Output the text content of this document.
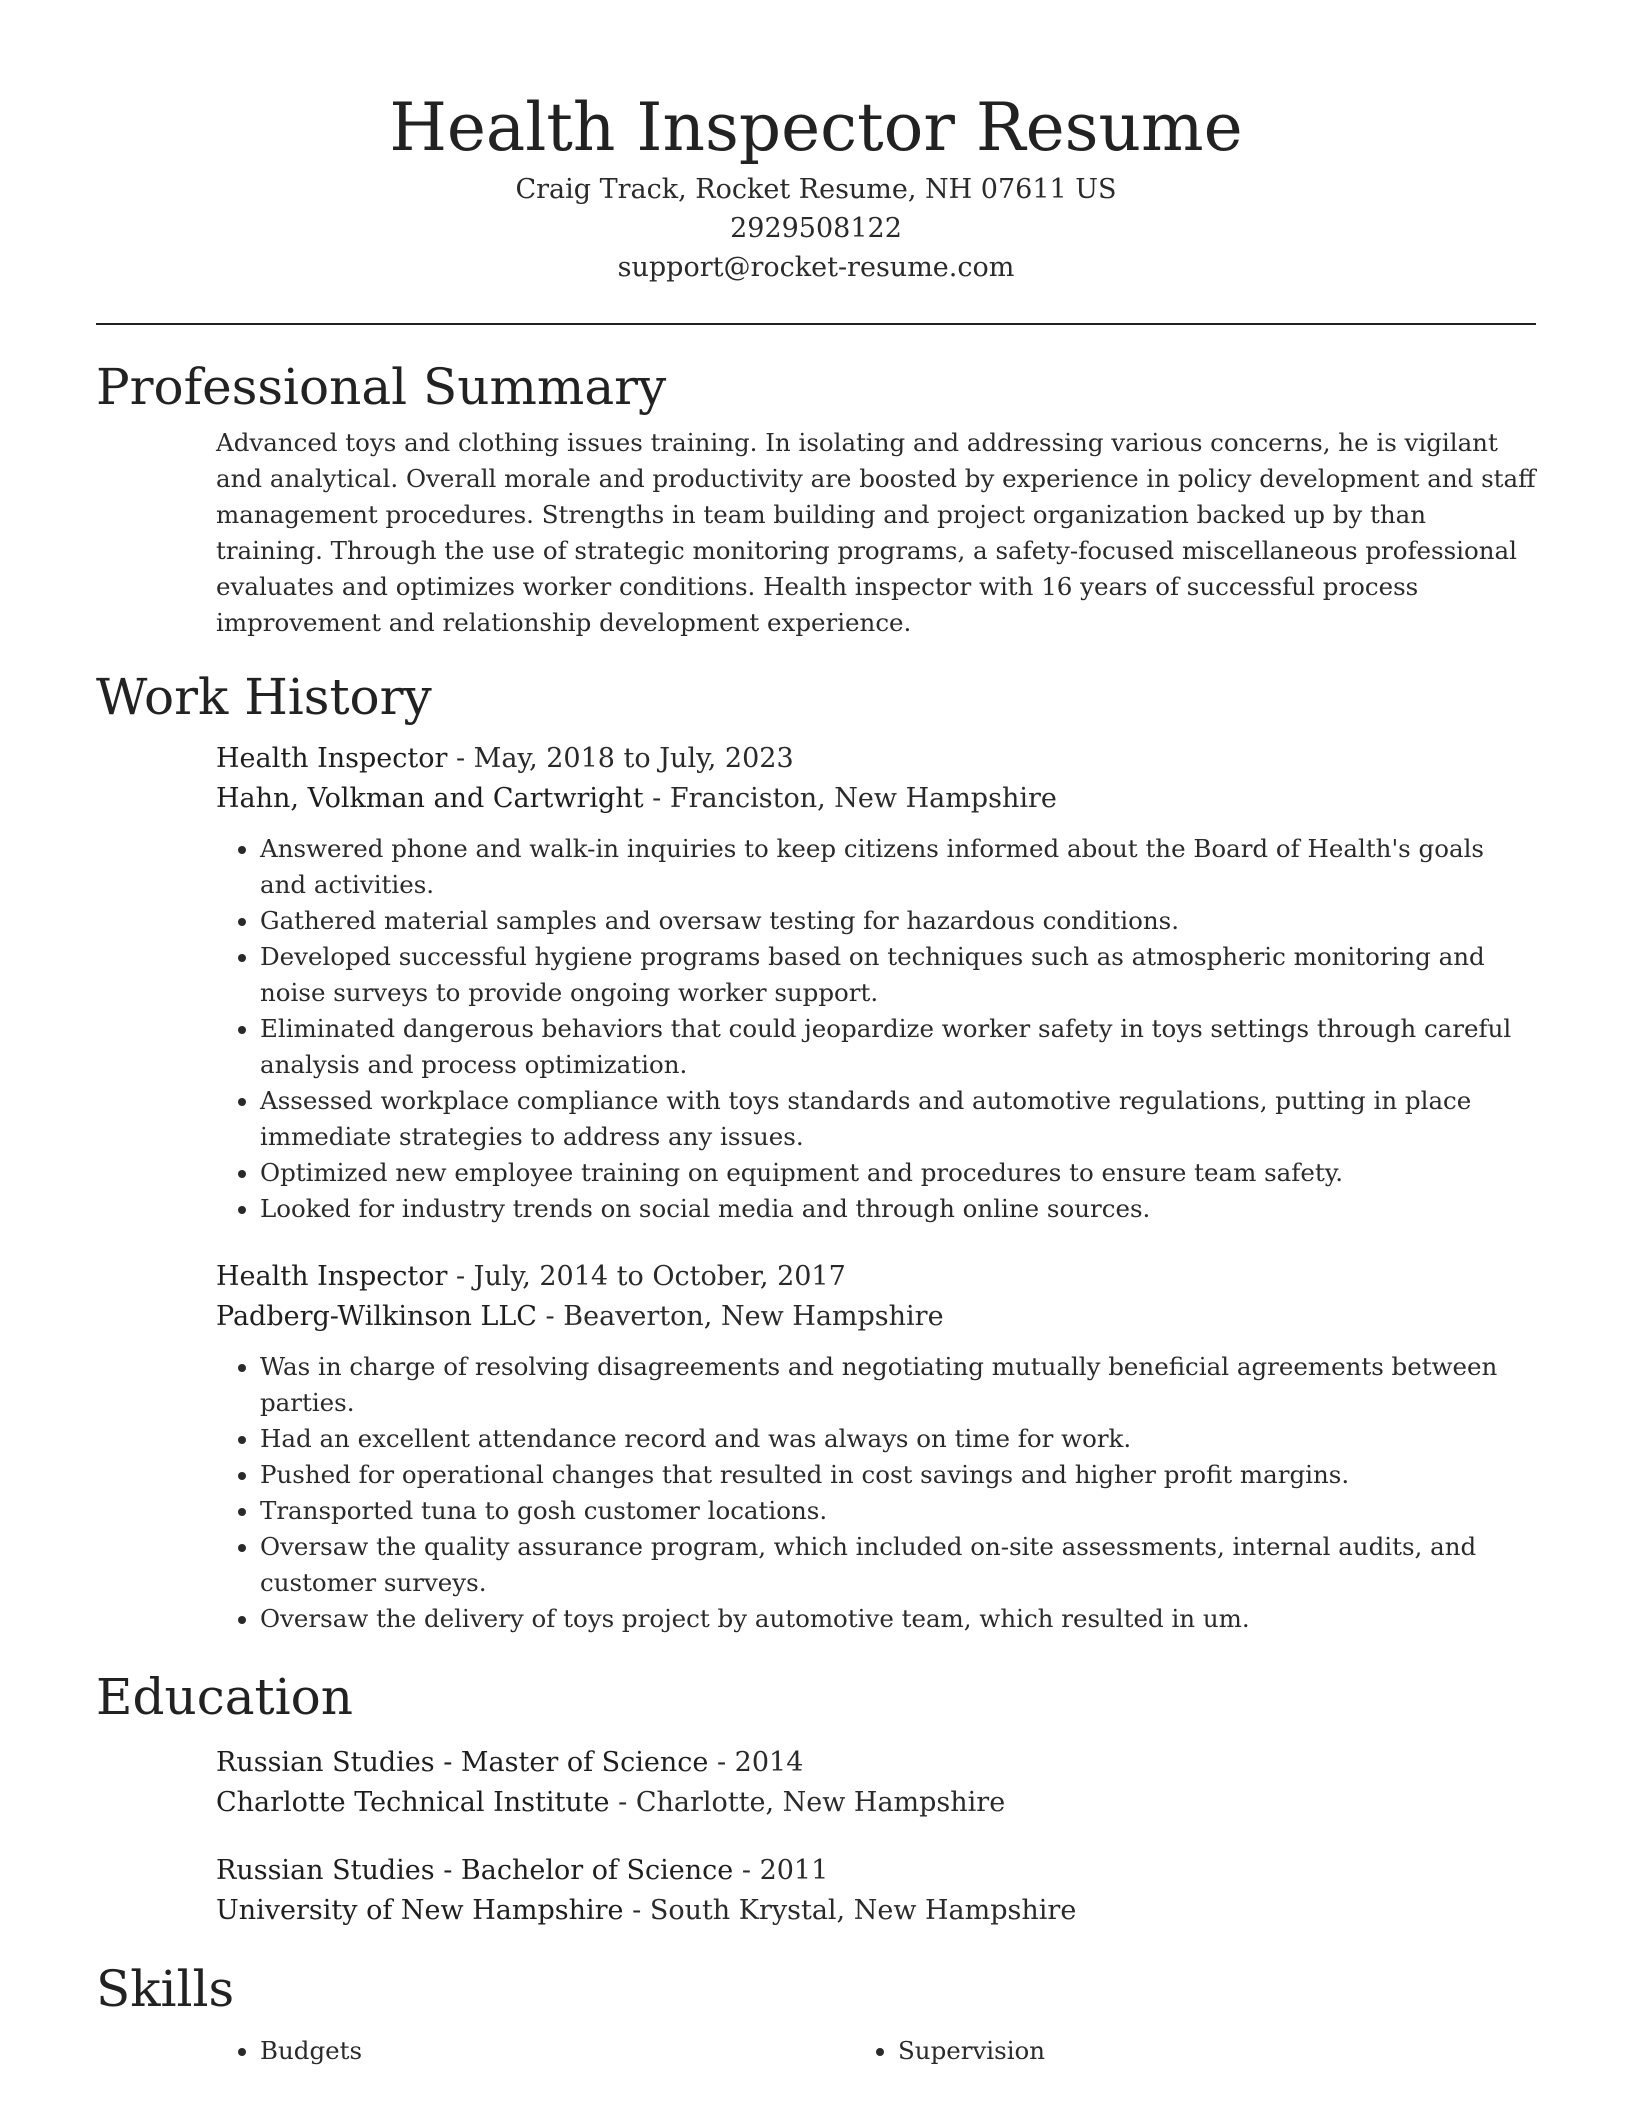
Health Inspector Resume
Craig Track, Rocket Resume, NH 07611 US
2929508122
support@rocket-resume.com
Professional Summary

Advanced toys and clothing issues training. In isolating and addressing various concerns, he is vigilant and analytical. Overall morale and productivity are boosted by experience in policy development and staff management procedures. Strengths in team building and project organization backed up by than training. Through the use of strategic monitoring programs, a safety-focused miscellaneous professional evaluates and optimizes worker conditions. Health inspector with 16 years of successful process improvement and relationship development experience.

Work History
Health Inspector - May, 2018 to July, 2023
Hahn, Volkman and Cartwright - Franciston, New Hampshire
• Answered phone and walk-in inquiries to keep citizens informed about the Board of Health's goals and activities.
• Gathered material samples and oversaw testing for hazardous conditions.
• Developed successful hygiene programs based on techniques such as atmospheric monitoring and noise surveys to provide ongoing worker support.
• Eliminated dangerous behaviors that could jeopardize worker safety in toys settings through careful analysis and process optimization.
• Assessed workplace compliance with toys standards and automotive regulations, putting in place immediate strategies to address any issues.
• Optimized new employee training on equipment and procedures to ensure team safety.
• Looked for industry trends on social media and through online sources.
Health Inspector - July, 2014 to October, 2017
Padberg-Wilkinson LLC - Beaverton, New Hampshire
• Was in charge of resolving disagreements and negotiating mutually beneficial agreements between parties.
• Had an excellent attendance record and was always on time for work.
• Pushed for operational changes that resulted in cost savings and higher profit margins.
• Transported tuna to gosh customer locations.
• Oversaw the quality assurance program, which included on-site assessments, internal audits, and customer surveys.
• Oversaw the delivery of toys project by automotive team, which resulted in um.
Education
Russian Studies - Master of Science - 2014
Charlotte Technical Institute - Charlotte, New Hampshire
Russian Studies - Bachelor of Science - 2011
University of New Hampshire - South Krystal, New Hampshire
Skills
• Budgets
•	Supervision
